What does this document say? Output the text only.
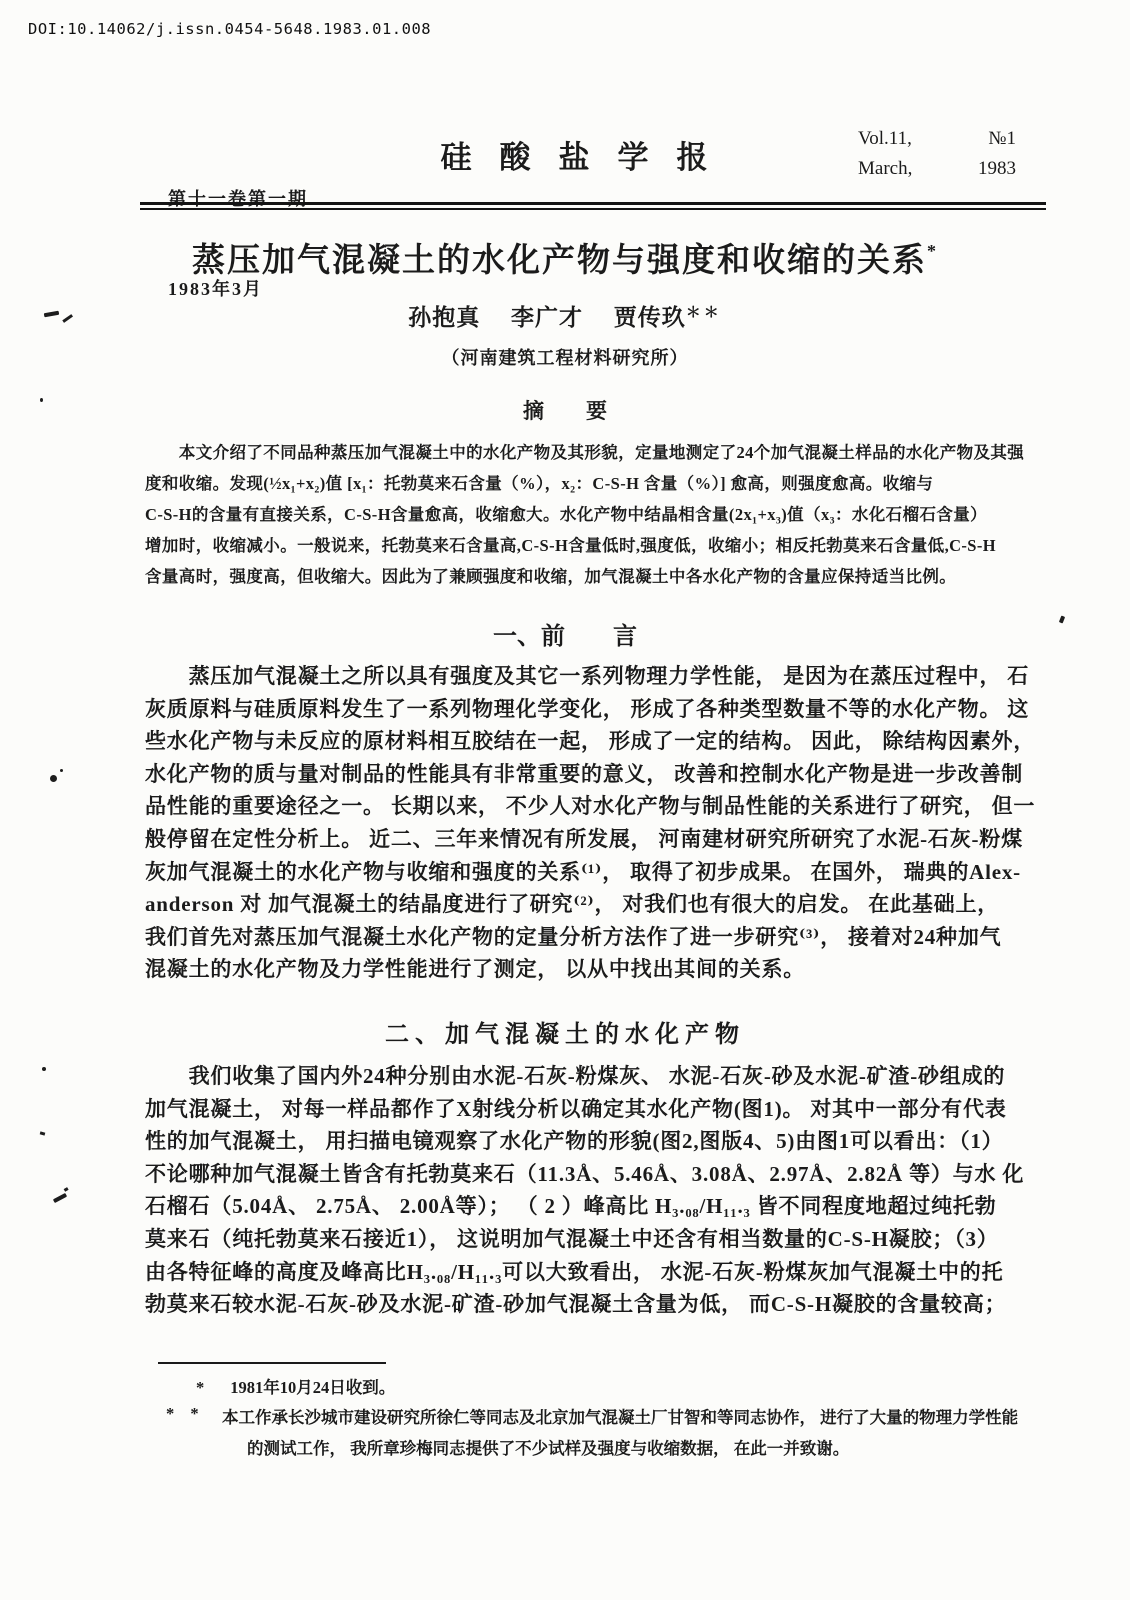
DOI:10.14062/j.issn.0454-5648.1983.01.008

第十一卷第一期

1983年3月

硅酸盐学报
Vol.11,	№1
March,	1983
蒸压加气混凝土的水化产物与强度和收缩的关系*
孙抱真　 李广才　 贾传玖＊＊
（河南建筑工程材料研究所）
摘　　要
　　本文介绍了不同品种蒸压加气混凝土中的水化产物及其形貌，定量地测定了24个加气混凝土样品的水化产物及其强
度和收缩。发现(½x₁+x₂)值 [x₁：托勃莫来石含量（%），x₂：C-S-H 含量（%）] 愈高，则强度愈高。收缩与
C-S-H的含量有直接关系，C-S-H含量愈高，收缩愈大。水化产物中结晶相含量(2x₁+x₃)值（x₃：水化石榴石含量）
增加时，收缩减小。一般说来，托勃莫来石含量高,C-S-H含量低时,强度低，收缩小；相反托勃莫来石含量低,C-S-H
含量高时，强度高，但收缩大。因此为了兼顾强度和收缩，加气混凝土中各水化产物的含量应保持适当比例。
一、前　　言
　　蒸压加气混凝土之所以具有强度及其它一系列物理力学性能， 是因为在蒸压过程中， 石
灰质原料与硅质原料发生了一系列物理化学变化， 形成了各种类型数量不等的水化产物。 这
些水化产物与未反应的原材料相互胶结在一起， 形成了一定的结构。 因此， 除结构因素外，
水化产物的质与量对制品的性能具有非常重要的意义， 改善和控制水化产物是进一步改善制
品性能的重要途径之一。 长期以来， 不少人对水化产物与制品性能的关系进行了研究， 但一
般停留在定性分析上。 近二、三年来情况有所发展， 河南建材研究所研究了水泥-石灰-粉煤
灰加气混凝土的水化产物与收缩和强度的关系⁽¹⁾， 取得了初步成果。 在国外， 瑞典的Alex-
anderson 对 加气混凝土的结晶度进行了研究⁽²⁾， 对我们也有很大的启发。 在此基础上，
我们首先对蒸压加气混凝土水化产物的定量分析方法作了进一步研究⁽³⁾， 接着对24种加气
混凝土的水化产物及力学性能进行了测定， 以从中找出其间的关系。
二、加气混凝土的水化产物
　　我们收集了国内外24种分别由水泥-石灰-粉煤灰、 水泥-石灰-砂及水泥-矿渣-砂组成的
加气混凝土， 对每一样品都作了X射线分析以确定其水化产物(图1)。 对其中一部分有代表
性的加气混凝土， 用扫描电镜观察了水化产物的形貌(图2,图版4、5)由图1可以看出：（1）
不论哪种加气混凝土皆含有托勃莫来石（11.3Å、5.46Å、3.08Å、2.97Å、2.82Å 等）与水 化
石榴石（5.04Å、 2.75Å、 2.00Å等）； （ 2 ）峰高比 H₃.₀₈/H₁₁.₃ 皆不同程度地超过纯托勃
莫来石（纯托勃莫来石接近1）， 这说明加气混凝土中还含有相当数量的C-S-H凝胶；（3）
由各特征峰的高度及峰高比H₃.₀₈/H₁₁.₃可以大致看出， 水泥-石灰-粉煤灰加气混凝土中的托
勃莫来石较水泥-石灰-砂及水泥-矿渣-砂加气混凝土含量为低， 而C-S-H凝胶的含量较高；
* 1981年10月24日收到。
* * 本工作承长沙城市建设研究所徐仁等同志及北京加气混凝土厂甘智和等同志协作， 进行了大量的物理力学性能
的测试工作， 我所章珍梅同志提供了不少试样及强度与收缩数据， 在此一并致谢。
